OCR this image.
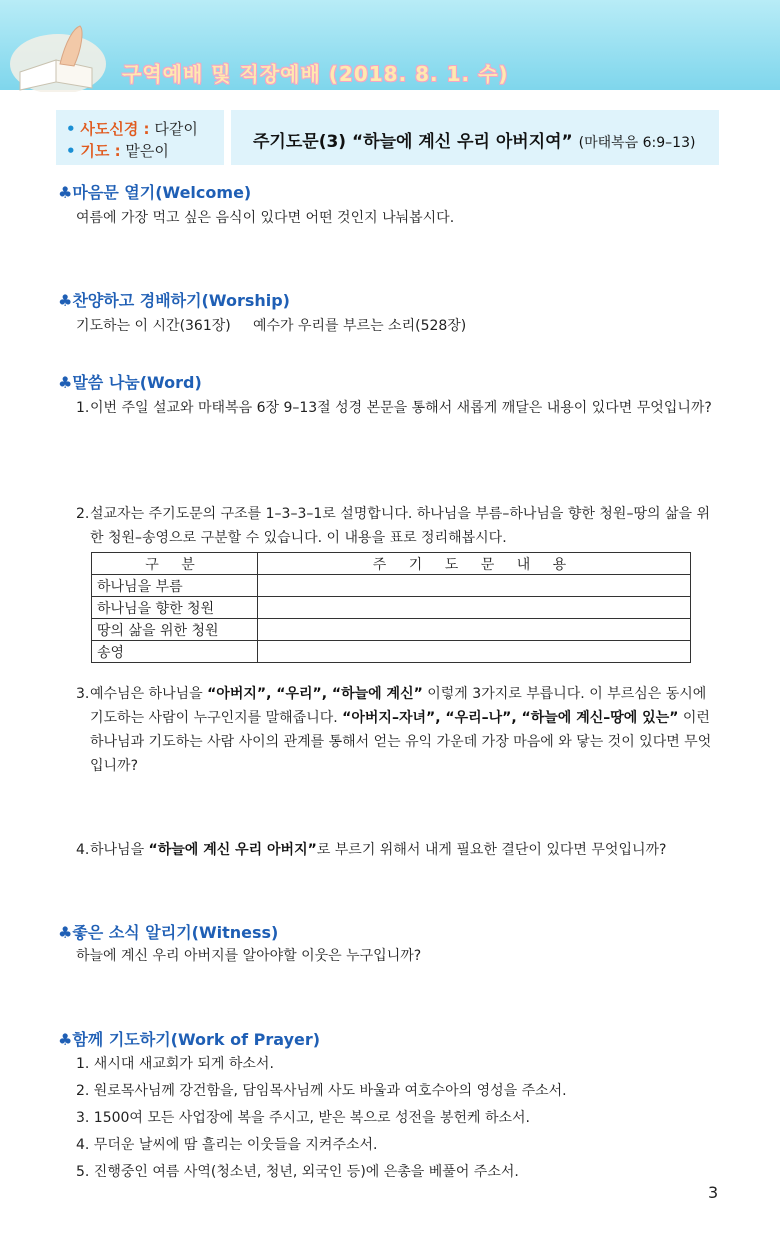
구역예배 및 직장예배 (2018. 8. 1. 수)
• 사도신경 : 다같이
• 기도 : 맡은이	주기도문(3) “하늘에 계신 우리 아버지여” (마태복음 6:9–13)
♣마음문 열기(Welcome)
여름에 가장 먹고 싶은 음식이 있다면 어떤 것인지 나눠봅시다.
♣찬양하고 경배하기(Worship)
기도하는 이 시간(361장)     예수가 우리를 부르는 소리(528장)
♣말씀 나눔(Word)
1. 이번 주일 설교와 마태복음 6장 9–13절 성경 본문을 통해서 새롭게 깨달은 내용이 있다면 무엇입니까?
2. 설교자는 주기도문의 구조를 1–3–3–1로 설명합니다. 하나님을 부름–하나님을 향한 청원–땅의 삶을 위한 청원–송영으로 구분할 수 있습니다. 이 내용을 표로 정리해봅시다.
구 분	주 기 도 문 내 용
하나님을 부름	
하나님을 향한 청원	
땅의 삶을 위한 청원	
송영	
3. 예수님은 하나님을 “아버지”, “우리”, “하늘에 계신” 이렇게 3가지로 부릅니다. 이 부르심은 동시에 기도하는 사람이 누구인지를 말해줍니다. “아버지–자녀”, “우리–나”, “하늘에 계신–땅에 있는” 이런 하나님과 기도하는 사람 사이의 관계를 통해서 얻는 유익 가운데 가장 마음에 와 닿는 것이 있다면 무엇입니까?
4. 하나님을 “하늘에 계신 우리 아버지”로 부르기 위해서 내게 필요한 결단이 있다면 무엇입니까?
♣좋은 소식 알리기(Witness)
하늘에 계신 우리 아버지를 알아야할 이웃은 누구입니까?
♣함께 기도하기(Work of Prayer)
1. 새시대 새교회가 되게 하소서.
2. 원로목사님께 강건함을, 담임목사님께 사도 바울과 여호수아의 영성을 주소서.
3. 1500여 모든 사업장에 복을 주시고, 받은 복으로 성전을 봉헌케 하소서.
4. 무더운 날씨에 땀 흘리는 이웃들을 지켜주소서.
5. 진행중인 여름 사역(청소년, 청년, 외국인 등)에 은총을 베풀어 주소서.
3
